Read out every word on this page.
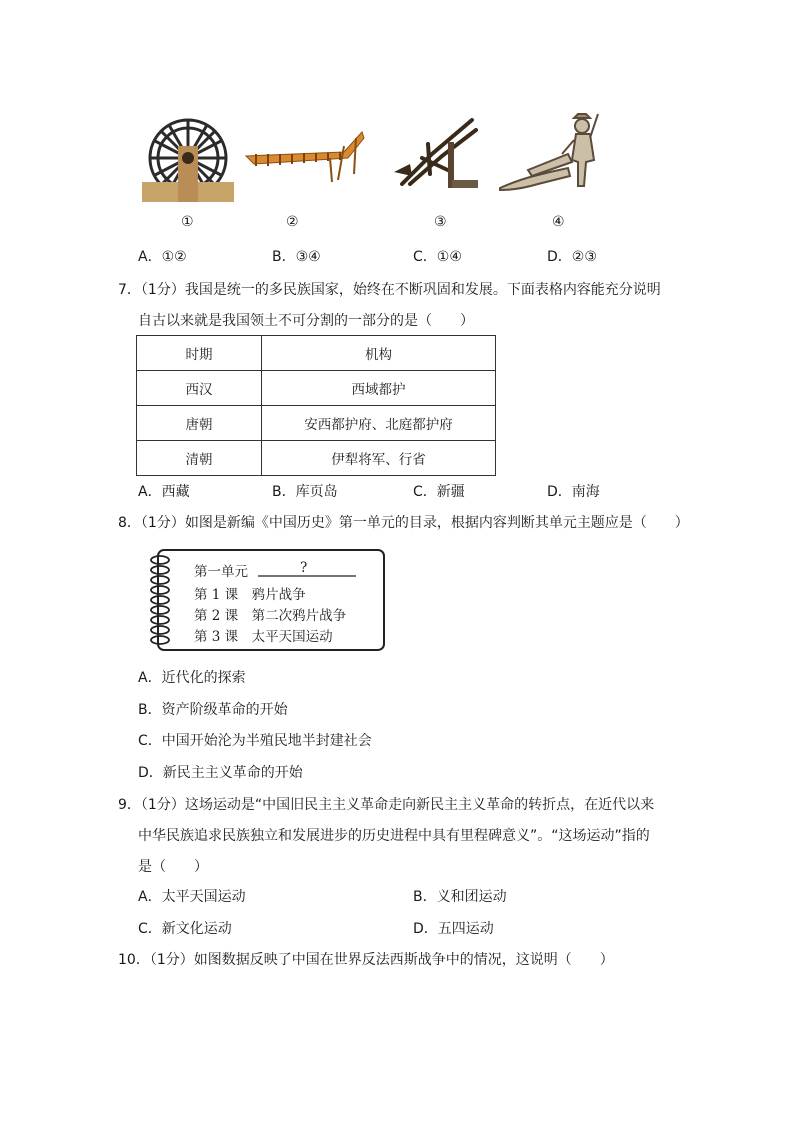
①	②	③	④
A．①②	B．③④	C．①④	D．②③
7．（1分）我国是统一的多民族国家，始终在不断巩固和发展。下面表格内容能充分说明
自古以来就是我国领土不可分割的一部分的是（　　）
时期	机构
西汉	西域都护
唐朝	安西都护府、北庭都护府
清朝	伊犁将军、行省
A．西藏	B．库页岛	C．新疆	D．南海
8．（1分）如图是新编《中国历史》第一单元的目录，根据内容判断其单元主题应是（　　）
第一单元	?
第 1 课　鸦片战争
第 2 课　第二次鸦片战争
第 3 课　太平天国运动
A．近代化的探索
B．资产阶级革命的开始
C．中国开始沦为半殖民地半封建社会
D．新民主主义革命的开始
9．（1分）这场运动是“中国旧民主主义革命走向新民主主义革命的转折点，在近代以来
中华民族追求民族独立和发展进步的历史进程中具有里程碑意义”。“这场运动”指的
是（　　）
A．太平天国运动	B．义和团运动
C．新文化运动	D．五四运动
10．（1分）如图数据反映了中国在世界反法西斯战争中的情况，这说明（　　）
